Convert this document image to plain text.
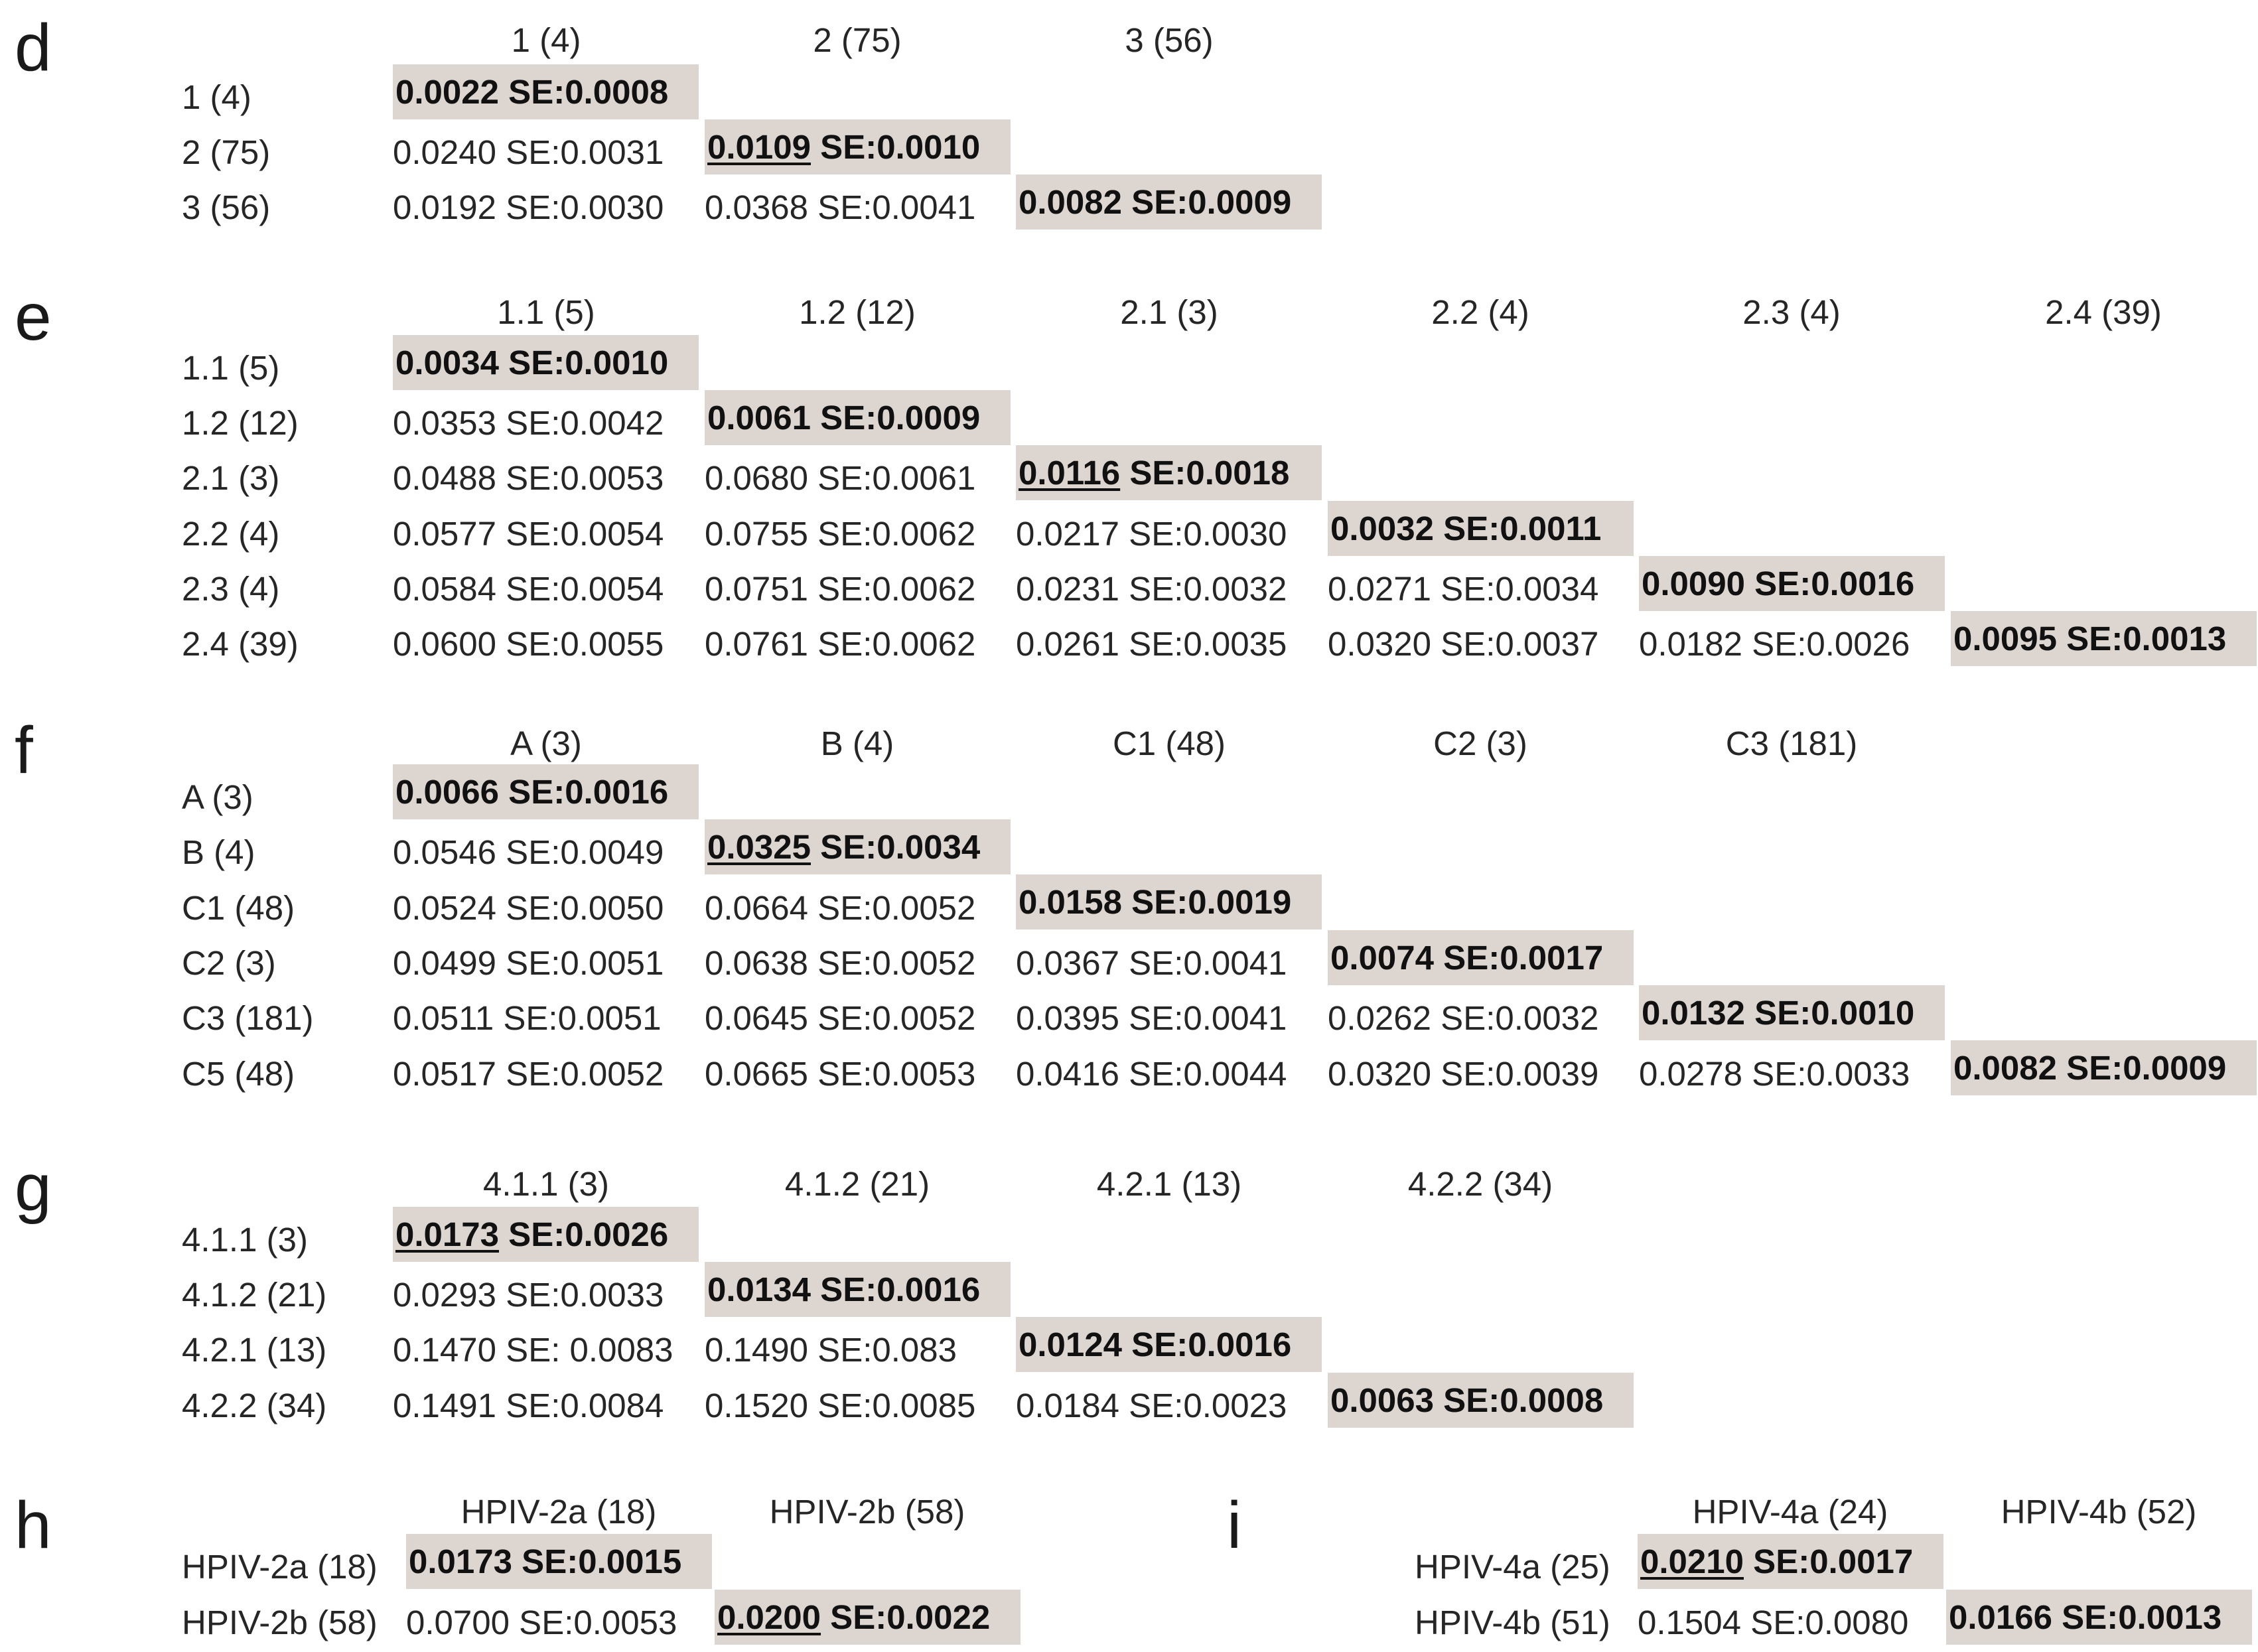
d	1 (4)	2 (75)	3 (56)
1 (4)	0.0022 SE:0.0008
2 (75)	0.0240 SE:0.0031 0.0109 SE:0.0010
3 (56)	0.0192 SE:0.0030 0.0368 SE:0.0041 0.0082 SE:0.0009
e	1.1 (5)	1.2 (12)	2.1 (3)	2.2 (4)	2.3 (4)	2.4 (39)
1.1 (5)	0.0034 SE:0.0010
1.2 (12)	0.0353 SE:0.0042 0.0061 SE:0.0009
2.1 (3)	0.0488 SE:0.0053 0.0680 SE:0.0061 0.0116 SE:0.0018
2.2 (4)	0.0577 SE:0.0054 0.0755 SE:0.0062 0.0217 SE:0.0030 0.0032 SE:0.0011
2.3 (4)	0.0584 SE:0.0054 0.0751 SE:0.0062 0.0231 SE:0.0032 0.0271 SE:0.0034 0.0090 SE:0.0016
2.4 (39)	0.0600 SE:0.0055 0.0761 SE:0.0062 0.0261 SE:0.0035 0.0320 SE:0.0037 0.0182 SE:0.0026 0.0095 SE:0.0013
f	A (3)	B (4)	C1 (48)	C2 (3)	C3 (181)
A (3)	0.0066 SE:0.0016
B (4)	0.0546 SE:0.0049 0.0325 SE:0.0034
C1 (48)	0.0524 SE:0.0050 0.0664 SE:0.0052 0.0158 SE:0.0019
C2 (3)	0.0499 SE:0.0051 0.0638 SE:0.0052 0.0367 SE:0.0041 0.0074 SE:0.0017
C3 (181) 0.0511 SE:0.0051 0.0645 SE:0.0052 0.0395 SE:0.0041 0.0262 SE:0.0032 0.0132 SE:0.0010
C5 (48)	0.0517 SE:0.0052 0.0665 SE:0.0053 0.0416 SE:0.0044 0.0320 SE:0.0039 0.0278 SE:0.0033 0.0082 SE:0.0009
g	4.1.1 (3)	4.1.2 (21)	4.2.1 (13)	4.2.2 (34)
4.1.1 (3)	0.0173 SE:0.0026
4.1.2 (21) 0.0293 SE:0.0033 0.0134 SE:0.0016
4.2.1 (13) 0.1470 SE: 0.0083 0.1490 SE:0.083 0.0124 SE:0.0016
4.2.2 (34) 0.1491 SE:0.0084 0.1520 SE:0.0085 0.0184 SE:0.0023 0.0063 SE:0.0008
h	HPIV-2a (18)	HPIV-2b (58)
HPIV-2a (18) 0.0173 SE:0.0015
HPIV-2b (58) 0.0700 SE:0.0053 0.0200 SE:0.0022
i	HPIV-4a (24)	HPIV-4b (52)
HPIV-4a (25) 0.0210 SE:0.0017
HPIV-4b (51) 0.1504 SE:0.0080 0.0166 SE:0.0013
